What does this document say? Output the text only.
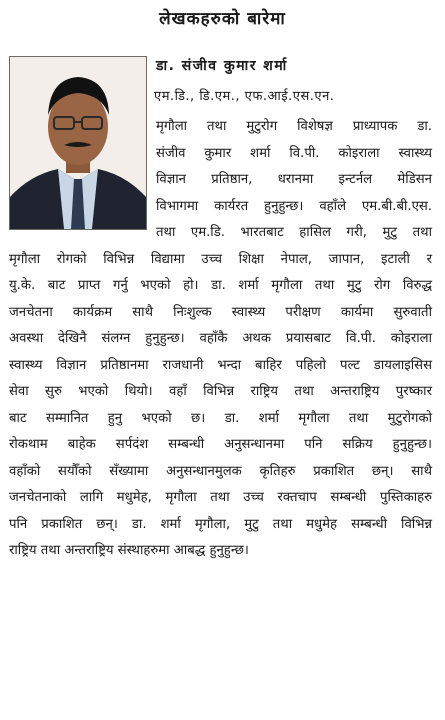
लेखकहरुको बारेमा
डा. संजीव कुमार शर्मा
एम.डि., डि.एम., एफ.आई.एस.एन.
मृगौला तथा मुटुरोग विशेषज्ञ प्राध्यापक डा.
संजीव कुमार शर्मा वि.पी. कोइराला स्वास्थ्य
विज्ञान प्रतिष्ठान, धरानमा इन्टर्नल मेडिसन
विभागमा कार्यरत हुनुहुन्छ। वहाँले एम.बी.बी.एस.
तथा एम.डि. भारतबाट हासिल गरी, मुटु तथा
मृगौला रोगको विभिन्न विद्यामा उच्च शिक्षा नेपाल, जापान, इटाली र
यु.के. बाट प्राप्त गर्नु भएको हो। डा. शर्मा मृगौला तथा मुटु रोग विरुद्ध
जनचेतना कार्यक्रम साथै निःशुल्क स्वास्थ्य परीक्षण कार्यमा सुरुवाती
अवस्था देखिनै संलग्न हुनुहुन्छ। वहाँकै अथक प्रयासबाट वि.पी. कोइराला
स्वास्थ्य विज्ञान प्रतिष्ठानमा राजधानी भन्दा बाहिर पहिलो पल्ट डायलाइसिस
सेवा सुरु भएको थियो। वहाँ विभिन्न राष्ट्रिय तथा अन्तराष्ट्रिय पुरष्कार
बाट सम्मानित हुनु भएको छ। डा. शर्मा मृगौला तथा मुटुरोगको
रोकथाम बाहेक सर्पदंश सम्बन्धी अनुसन्धानमा पनि सक्रिय हुनुहुन्छ।
वहाँको सयौँको सँख्यामा अनुसन्धानमुलक कृतिहरु प्रकाशित छन्। साथै
जनचेतनाको लागि मधुमेह, मृगौला तथा उच्च रक्तचाप सम्बन्धी पुस्तिकाहरु
पनि प्रकाशित छन्। डा. शर्मा मृगौला, मुटु तथा मधुमेह सम्बन्धी विभिन्न
राष्ट्रिय तथा अन्तराष्ट्रिय संस्थाहरुमा आबद्ध हुनुहुन्छ।
